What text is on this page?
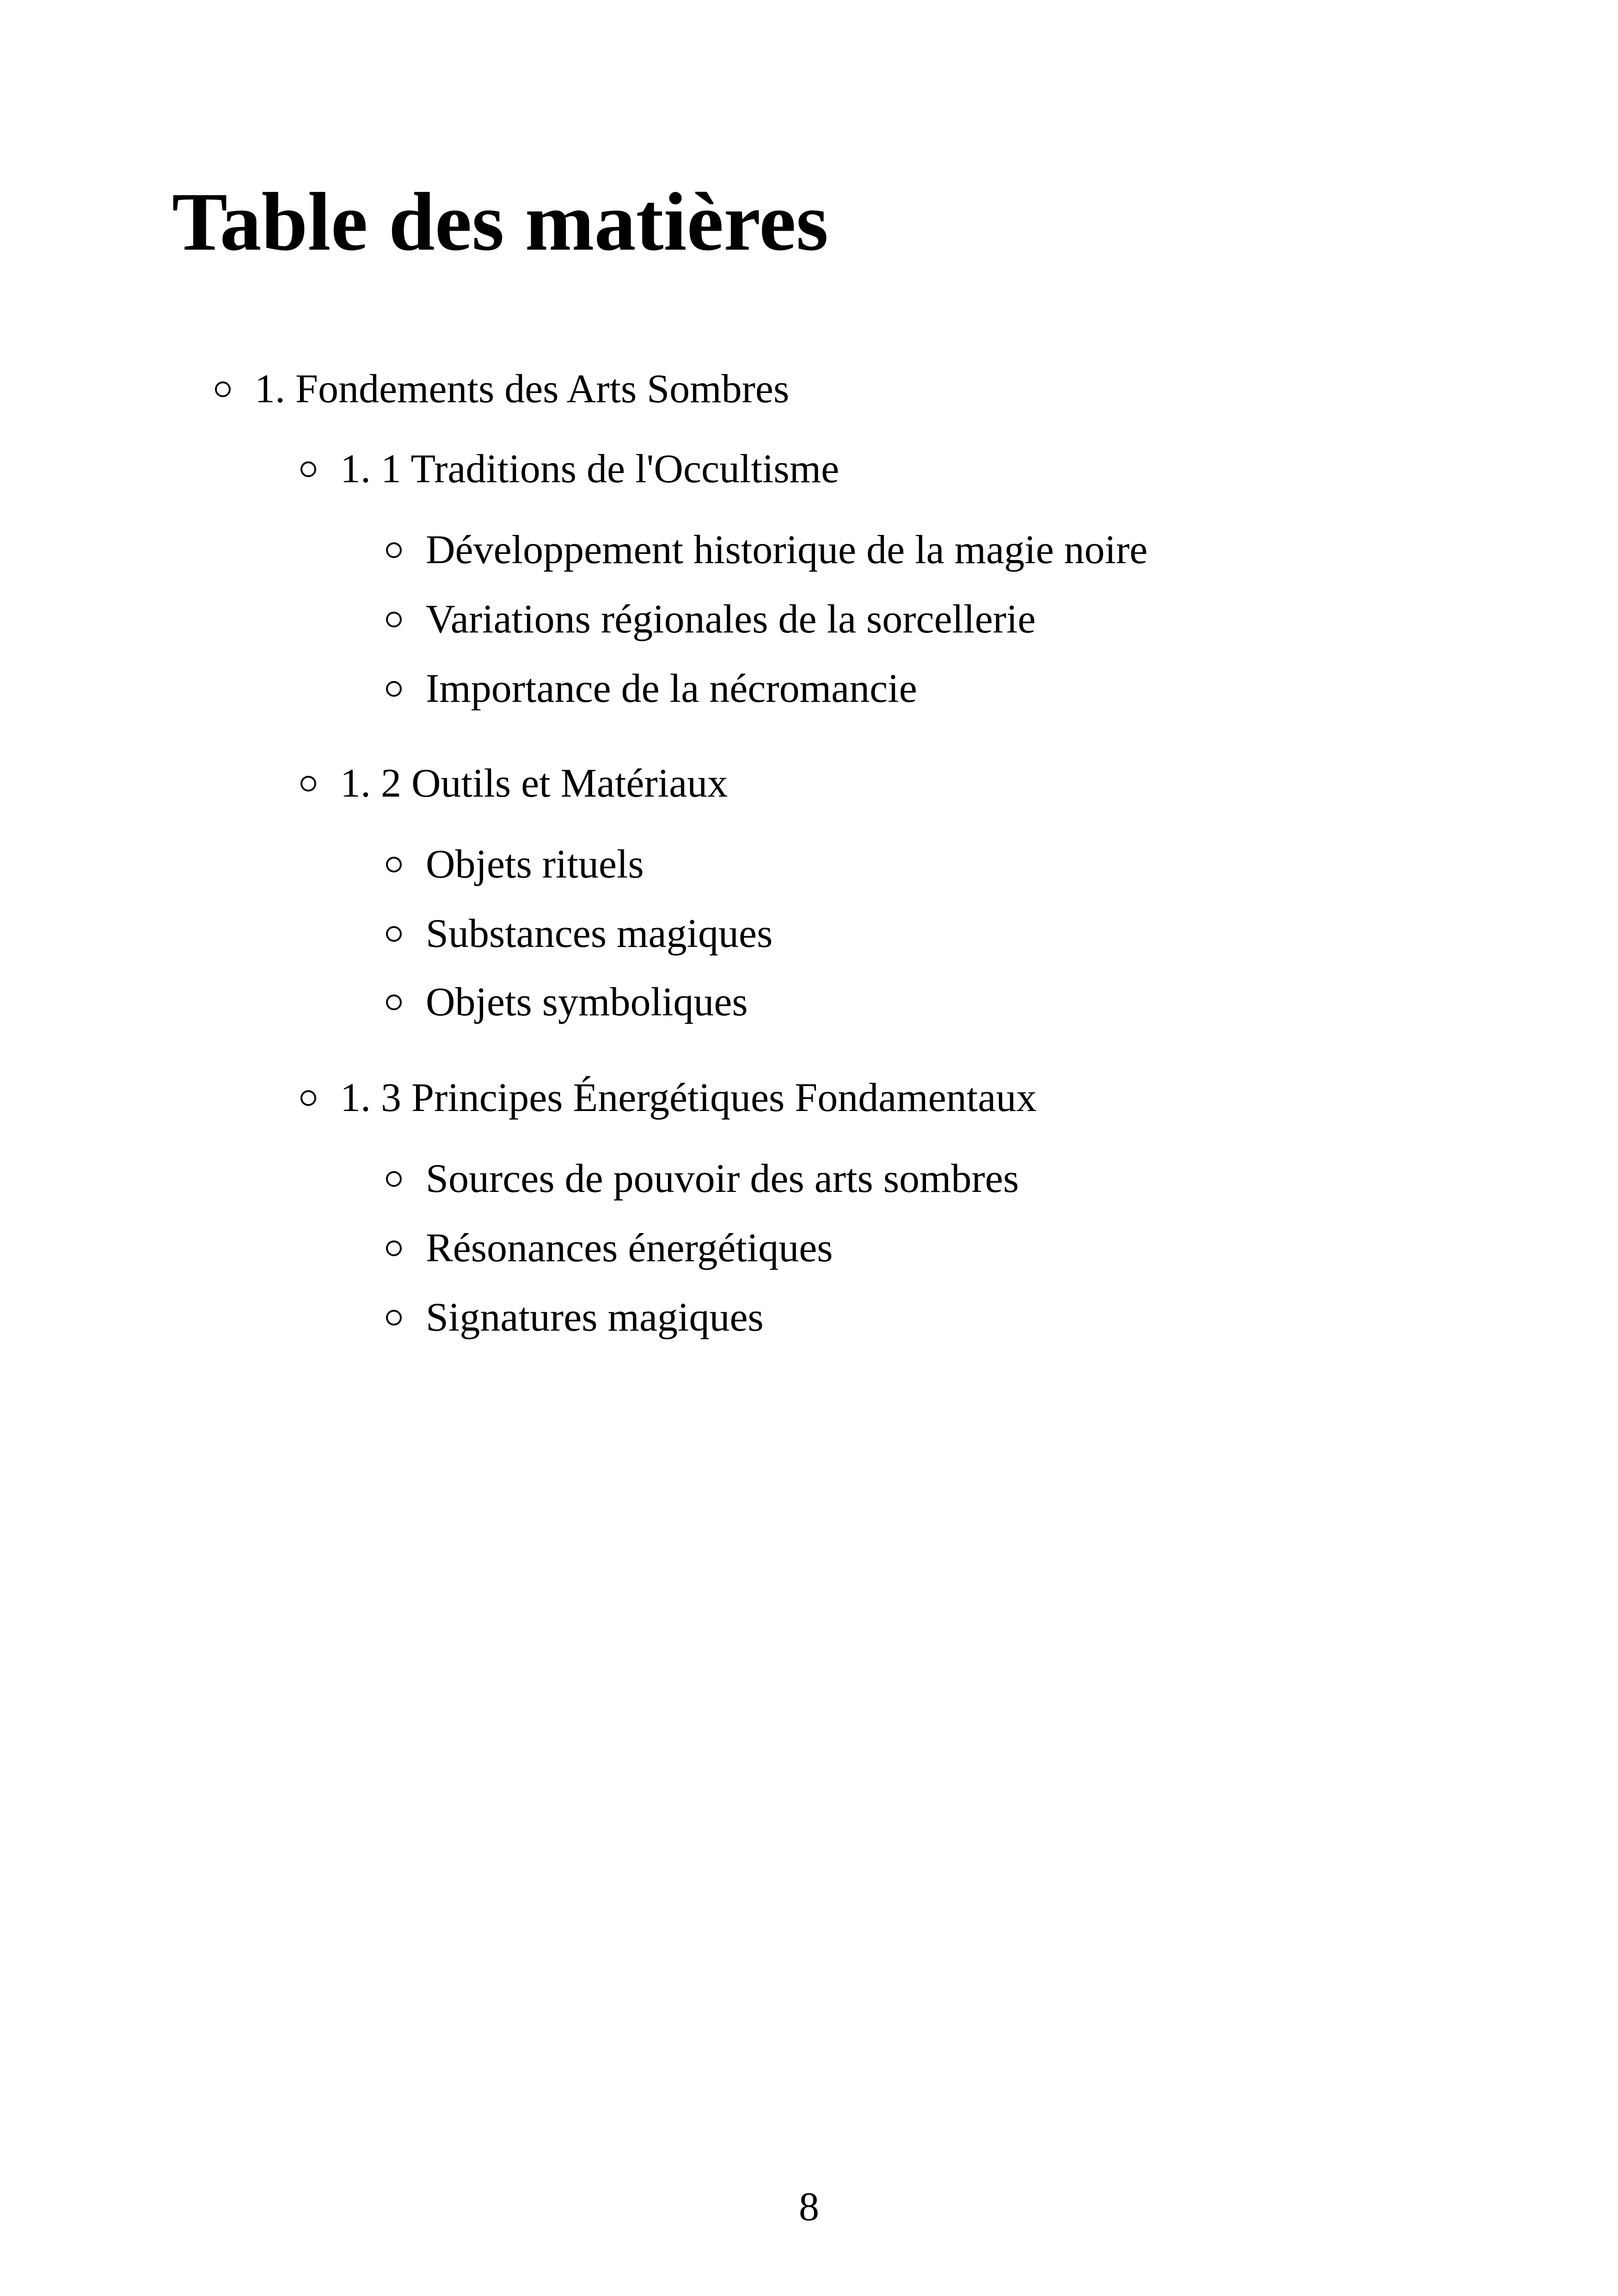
Table des matières
1. Fondements des Arts Sombres
1. 1 Traditions de l'Occultisme
Développement historique de la magie noire
Variations régionales de la sorcellerie
Importance de la nécromancie
1. 2 Outils et Matériaux
Objets rituels
Substances magiques
Objets symboliques
1. 3 Principes Énergétiques Fondamentaux
Sources de pouvoir des arts sombres
Résonances énergétiques
Signatures magiques
8
